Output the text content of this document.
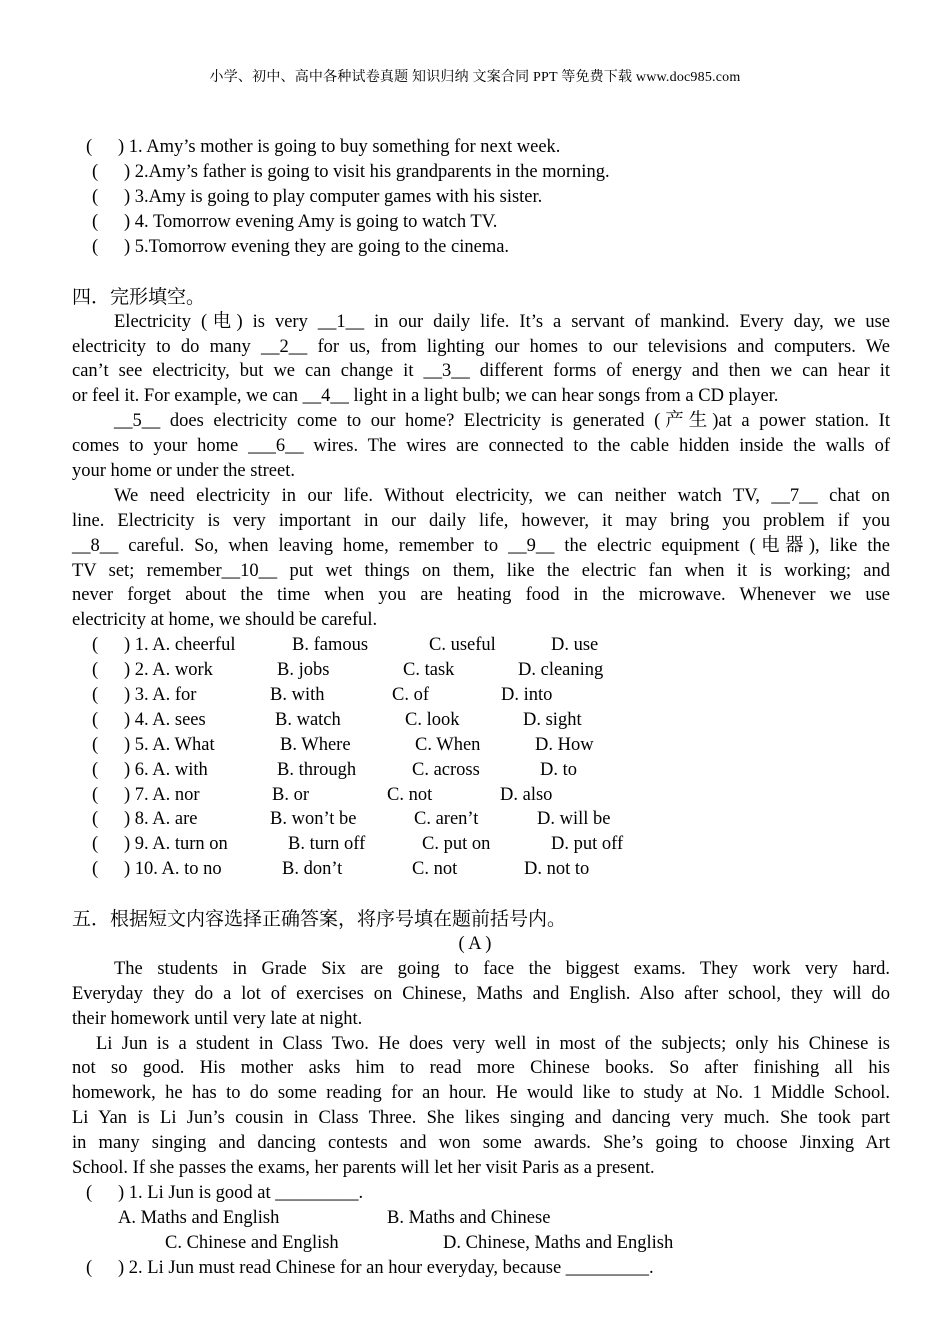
小学、初中、高中各种试卷真题 知识归纳 文案合同 PPT 等免费下载 www.doc985.com
( ) 1. Amy’s mother is going to buy something for next week.
( ) 2.Amy’s father is going to visit his grandparents in the morning.
( ) 3.Amy is going to play computer games with his sister.
( ) 4. Tomorrow evening Amy is going to watch TV.
( ) 5.Tomorrow evening they are going to the cinema.
四．完形填空。
Electricity (电) is very __1__ in our daily life. It’s a servant of mankind. Every day, we use
electricity to do many __2__ for us, from lighting our homes to our televisions and computers. We
can’t see electricity, but we can change it __3__ different forms of energy and then we can hear it
or feel it. For example, we can __4__ light in a light bulb; we can hear songs from a CD player.
__5__ does electricity come to our home? Electricity is generated (产生)at a power station. It
comes to your home ___6__ wires. The wires are connected to the cable hidden inside the walls of
your home or under the street.
We need electricity in our life. Without electricity, we can neither watch TV, __7__ chat on
line. Electricity is very important in our daily life, however, it may bring you problem if you
__8__ careful. So, when leaving home, remember to __9__ the electric equipment (电器), like the
TV set; remember__10__ put wet things on them, like the electric fan when it is working; and
never forget about the time when you are heating food in the microwave. Whenever we use
electricity at home, we should be careful.
( ) 1. A. cheerful	B. famous	C. useful	D. use
( ) 2. A. work	B. jobs	C. task	D. cleaning
( ) 3. A. for	B. with	C. of	D. into
( ) 4. A. sees	B. watch	C. look	D. sight
( ) 5. A. What	B. Where	C. When	D. How
( ) 6. A. with	B. through	C. across	D. to
( ) 7. A. nor	B. or	C. not	D. also
( ) 8. A. are	B. won’t be	C. aren’t	D. will be
( ) 9. A. turn on	B. turn off	C. put on	D. put off
( ) 10. A. to no	B. don’t	C. not	D. not to
五．根据短文内容选择正确答案，将序号填在题前括号内。
( A )
The students in Grade Six are going to face the biggest exams. They work very hard.
Everyday they do a lot of exercises on Chinese, Maths and English. Also after school, they will do
their homework until very late at night.
Li Jun is a student in Class Two. He does very well in most of the subjects; only his Chinese is
not so good. His mother asks him to read more Chinese books. So after finishing all his
homework, he has to do some reading for an hour. He would like to study at No. 1 Middle School.
Li Yan is Li Jun’s cousin in Class Three. She likes singing and dancing very much. She took part
in many singing and dancing contests and won some awards. She’s going to choose Jinxing Art
School. If she passes the exams, her parents will let her visit Paris as a present.
( ) 1. Li Jun is good at _________.
A. Maths and English	B. Maths and Chinese
C. Chinese and English	D. Chinese, Maths and English
( ) 2. Li Jun must read Chinese for an hour everyday, because _________.
